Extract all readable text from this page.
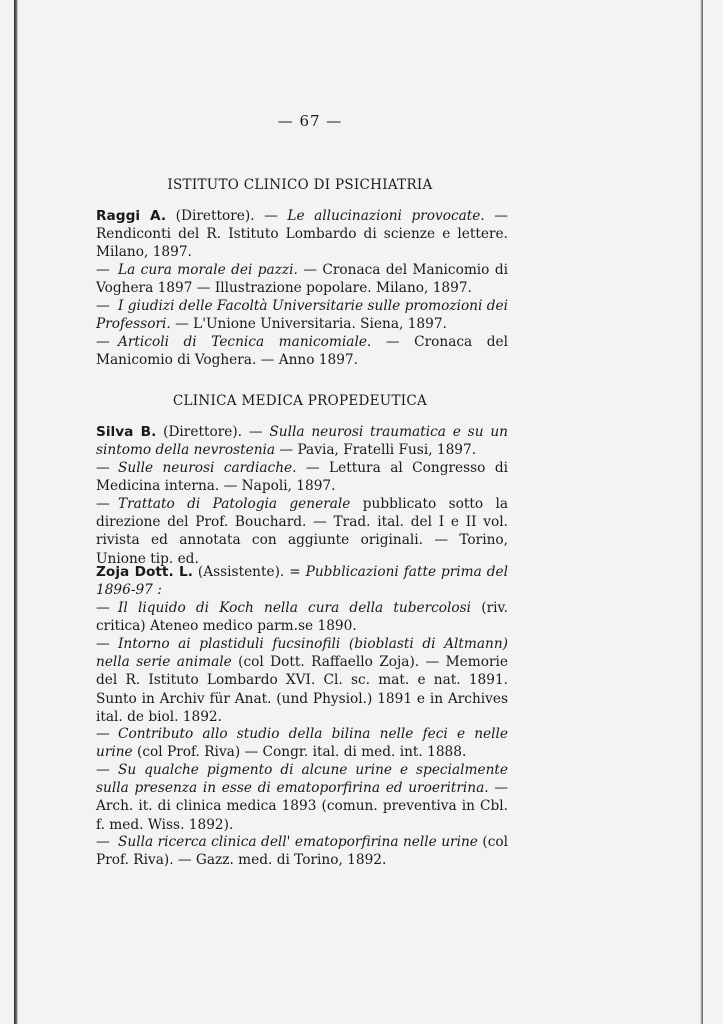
— 67 —
ISTITUTO CLINICO DI PSICHIATRIA
Raggi A. (Direttore). — Le allucinazioni provocate. — Rendiconti del R. Istituto Lombardo di scienze e lettere. Milano, 1897.
— La cura morale dei pazzi. — Cronaca del Manicomio di Voghera 1897 — Illustrazione popolare. Milano, 1897.
— I giudizi delle Facoltà Universitarie sulle promozioni dei Professori. — L'Unione Universitaria. Siena, 1897.
— Articoli di Tecnica manicomiale. — Cronaca del Manicomio di Voghera. — Anno 1897.
CLINICA MEDICA PROPEDEUTICA
Silva B. (Direttore). — Sulla neurosi traumatica e su un sintomo della nevrostenia — Pavia, Fratelli Fusi, 1897.
— Sulle neurosi cardiache. — Lettura al Congresso di Medicina interna. — Napoli, 1897.
— Trattato di Patologia generale pubblicato sotto la direzione del Prof. Bouchard. — Trad. ital. del I e II vol. rivista ed annotata con aggiunte originali. — Torino, Unione tip. ed.
Zoja Dott. L. (Assistente). = Pubblicazioni fatte prima del 1896-97 :
— Il liquido di Koch nella cura della tubercolosi (riv. critica) Ateneo medico parm.se 1890.
— Intorno ai plastiduli fucsinofili (bioblasti di Altmann) nella serie animale (col Dott. Raffaello Zoja). — Memorie del R. Istituto Lombardo XVI. Cl. sc. mat. e nat. 1891. Sunto in Archiv für Anat. (und Physiol.) 1891 e in Archives ital. de biol. 1892.
— Contributo allo studio della bilina nelle feci e nelle urine (col Prof. Riva) — Congr. ital. di med. int. 1888.
— Su qualche pigmento di alcune urine e specialmente sulla presenza in esse di ematoporfirina ed uroeritrina. — Arch. it. di clinica medica 1893 (comun. preventiva in Cbl. f. med. Wiss. 1892).
— Sulla ricerca clinica dell' ematoporfirina nelle urine (col Prof. Riva). — Gazz. med. di Torino, 1892.
